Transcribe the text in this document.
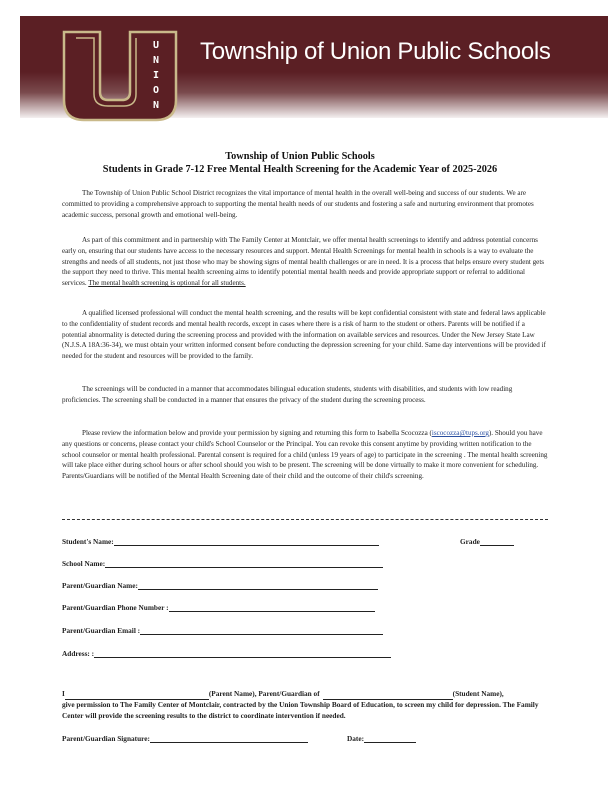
U
N
I
O
N
Township of Union Public Schools
Township of Union Public Schools
Students in Grade 7-12 Free Mental Health Screening for the Academic Year of 2025-2026
The Township of Union Public School District recognizes the vital importance of mental health in the overall well-being and success of our students. We are committed to providing a comprehensive approach to supporting the mental health needs of our students and fostering a safe and nurturing environment that promotes academic success, personal growth and emotional well-being.
As part of this commitment and in partnership with The Family Center at Montclair, we offer mental health screenings to identify and address potential concerns early on, ensuring that our students have access to the necessary resources and support. Mental Health Screenings for mental health in schools is a way to evaluate the strengths and needs of all students, not just those who may be showing signs of mental health challenges or are in need. It is a process that helps ensure every student gets the support they need to thrive. This mental health screening aims to identify potential mental health needs and provide appropriate support or referral to additional services. The mental health screening is optional for all students.
A qualified licensed professional will conduct the mental health screening, and the results will be kept confidential consistent with state and federal laws applicable to the confidentiality of student records and mental health records, except in cases where there is a risk of harm to the student or others. Parents will be notified if a potential abnormality is detected during the screening process and provided with the information on available services and resources. Under the New Jersey State Law (N.J.S.A 18A:36-34), we must obtain your written informed consent before conducting the depression screening for your child. Same day interventions will be provided if needed for the student and resources will be provided to the family.
The screenings will be conducted in a manner that accommodates bilingual education students, students with disabilities, and students with low reading proficiencies. The screening shall be conducted in a manner that ensures the privacy of the student during the screening process.
Please review the information below and provide your permission by signing and returning this form to Isabella Scocozza (iscocozza@tups.org). Should you have any questions or concerns, please contact your child's School Counselor or the Principal. You can revoke this consent anytime by providing written notification to the school counselor or mental health professional. Parental consent is required for a child (unless 19 years of age) to participate in the screening . The mental health screening will take place either during school hours or after school should you wish to be present. The screening will be done virtually to make it more convenient for scheduling. Parents/Guardians will be notified of the Mental Health Screening date of their child and the outcome of their child's screening.
Student's Name:	Grade
School Name:
Parent/Guardian Name:
Parent/Guardian Phone Number :
Parent/Guardian Email :
Address: :
I	(Parent Name), Parent/Guardian of	(Student Name),
give permission to The Family Center of Montclair, contracted by the Union Township Board of Education, to screen my child for depression. The Family Center will provide the screening results to the district to coordinate intervention if needed.
Parent/Guardian Signature:	Date:
